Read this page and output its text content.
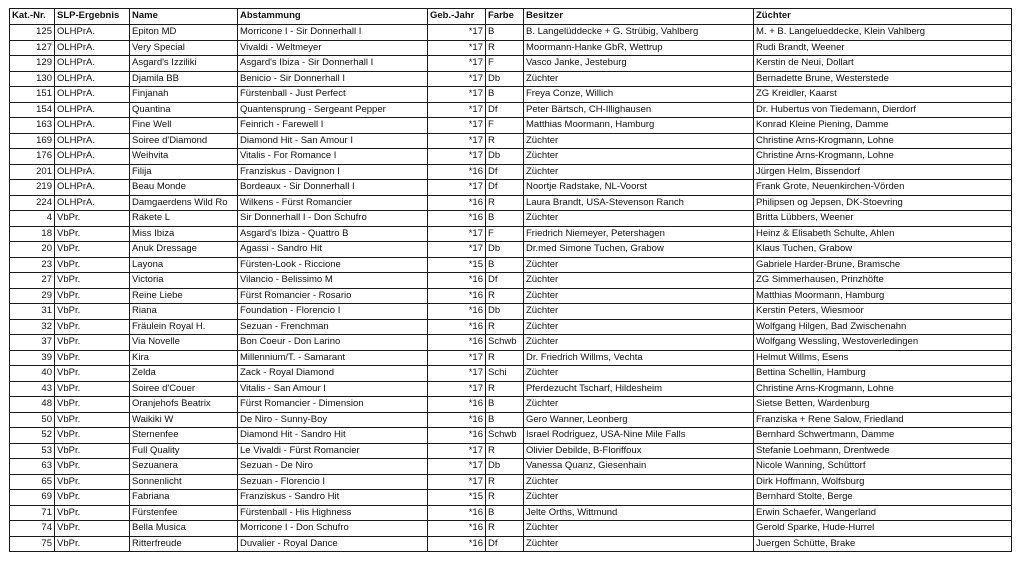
Kat.-Nr.	SLP-Ergebnis	Name	Abstammung	Geb.-Jahr	Farbe	Besitzer	Züchter
125	OLHPrA.	Epiton MD	Morricone I - Sir Donnerhall I	*17	B	B. Langelüddecke + G. Strübig, Vahlberg	M. + B. Langelueddecke, Klein Vahlberg
127	OLHPrA.	Very Special	Vivaldi - Weltmeyer	*17	R	Moormann-Hanke GbR, Wettrup	Rudi Brandt, Weener
129	OLHPrA.	Asgard's Izziliki	Asgard's Ibiza - Sir Donnerhall I	*17	F	Vasco Janke, Jesteburg	Kerstin de Neui, Dollart
130	OLHPrA.	Djamila BB	Benicio - Sir Donnerhall I	*17	Db	Züchter	Bernadette Brune, Westerstede
151	OLHPrA.	Finjanah	Fürstenball - Just Perfect	*17	B	Freya Conze, Willich	ZG Kreidler, Kaarst
154	OLHPrA.	Quantina	Quantensprung - Sergeant Pepper	*17	Df	Peter Bärtsch, CH-Illighausen	Dr. Hubertus von Tiedemann, Dierdorf
163	OLHPrA.	Fine Well	Feinrich - Farewell I	*17	F	Matthias Moormann, Hamburg	Konrad Kleine Piening, Damme
169	OLHPrA.	Soiree d'Diamond	Diamond Hit - San Amour I	*17	R	Züchter	Christine Arns-Krogmann, Lohne
176	OLHPrA.	Weihvita	Vitalis - For Romance I	*17	Db	Züchter	Christine Arns-Krogmann, Lohne
201	OLHPrA.	Filija	Franziskus - Davignon I	*16	Df	Züchter	Jürgen Helm, Bissendorf
219	OLHPrA.	Beau Monde	Bordeaux - Sir Donnerhall I	*17	Df	Noortje Radstake, NL-Voorst	Frank Grote, Neuenkirchen-Vörden
224	OLHPrA.	Damgaerdens Wild Ro	Wilkens - Fürst Romancier	*16	R	Laura Brandt, USA-Stevenson Ranch	Philipsen og Jepsen, DK-Stoevring
4	VbPr.	Rakete L	Sir Donnerhall I - Don Schufro	*16	B	Züchter	Britta Lübbers, Weener
18	VbPr.	Miss Ibiza	Asgard's Ibiza - Quattro B	*17	F	Friedrich Niemeyer, Petershagen	Heinz & Elisabeth Schulte, Ahlen
20	VbPr.	Anuk Dressage	Agassi - Sandro Hit	*17	Db	Dr.med Simone Tuchen, Grabow	Klaus Tuchen, Grabow
23	VbPr.	Layona	Fürsten-Look - Riccione	*15	B	Züchter	Gabriele Harder-Brune, Bramsche
27	VbPr.	Victoria	Vilancio - Belissimo M	*16	Df	Züchter	ZG Simmerhausen, Prinzhöfte
29	VbPr.	Reine Liebe	Fürst Romancier - Rosario	*16	R	Züchter	Matthias Moormann, Hamburg
31	VbPr.	Riana	Foundation - Florencio I	*16	Db	Züchter	Kerstin Peters, Wiesmoor
32	VbPr.	Fräulein Royal H.	Sezuan - Frenchman	*16	R	Züchter	Wolfgang Hilgen, Bad Zwischenahn
37	VbPr.	Via Novelle	Bon Coeur - Don Larino	*16	Schwb	Züchter	Wolfgang Wessling, Westoverledingen
39	VbPr.	Kira	Millennium/T. - Samarant	*17	R	Dr. Friedrich Willms, Vechta	Helmut Willms, Esens
40	VbPr.	Zelda	Zack - Royal Diamond	*17	Schi	Züchter	Bettina Schellin, Hamburg
43	VbPr.	Soiree d'Couer	Vitalis - San Amour I	*17	R	Pferdezucht Tscharf, Hildesheim	Christine Arns-Krogmann, Lohne
48	VbPr.	Oranjehofs Beatrix	Fürst Romancier - Dimension	*16	B	Züchter	Sietse Betten, Wardenburg
50	VbPr.	Waikiki W	De Niro - Sunny-Boy	*16	B	Gero Wanner, Leonberg	Franziska + Rene Salow, Friedland
52	VbPr.	Sternenfee	Diamond Hit - Sandro Hit	*16	Schwb	Israel Rodriguez, USA-Nine Mile Falls	Bernhard Schwertmann, Damme
53	VbPr.	Full Quality	Le Vivaldi - Fürst Romancier	*17	R	Olivier Debilde, B-Floriffoux	Stefanie Loehmann, Drentwede
63	VbPr.	Sezuanera	Sezuan - De Niro	*17	Db	Vanessa Quanz, Giesenhain	Nicole Wanning, Schüttorf
65	VbPr.	Sonnenlicht	Sezuan - Florencio I	*17	R	Züchter	Dirk Hoffmann, Wolfsburg
69	VbPr.	Fabriana	Franziskus - Sandro Hit	*15	R	Züchter	Bernhard Stolte, Berge
71	VbPr.	Fürstenfee	Fürstenball - His Highness	*16	B	Jelte Orths, Wittmund	Erwin Schaefer, Wangerland
74	VbPr.	Bella Musica	Morricone I - Don Schufro	*16	R	Züchter	Gerold Sparke, Hude-Hurrel
75	VbPr.	Ritterfreude	Duvalier - Royal Dance	*16	Df	Züchter	Juergen Schütte, Brake
